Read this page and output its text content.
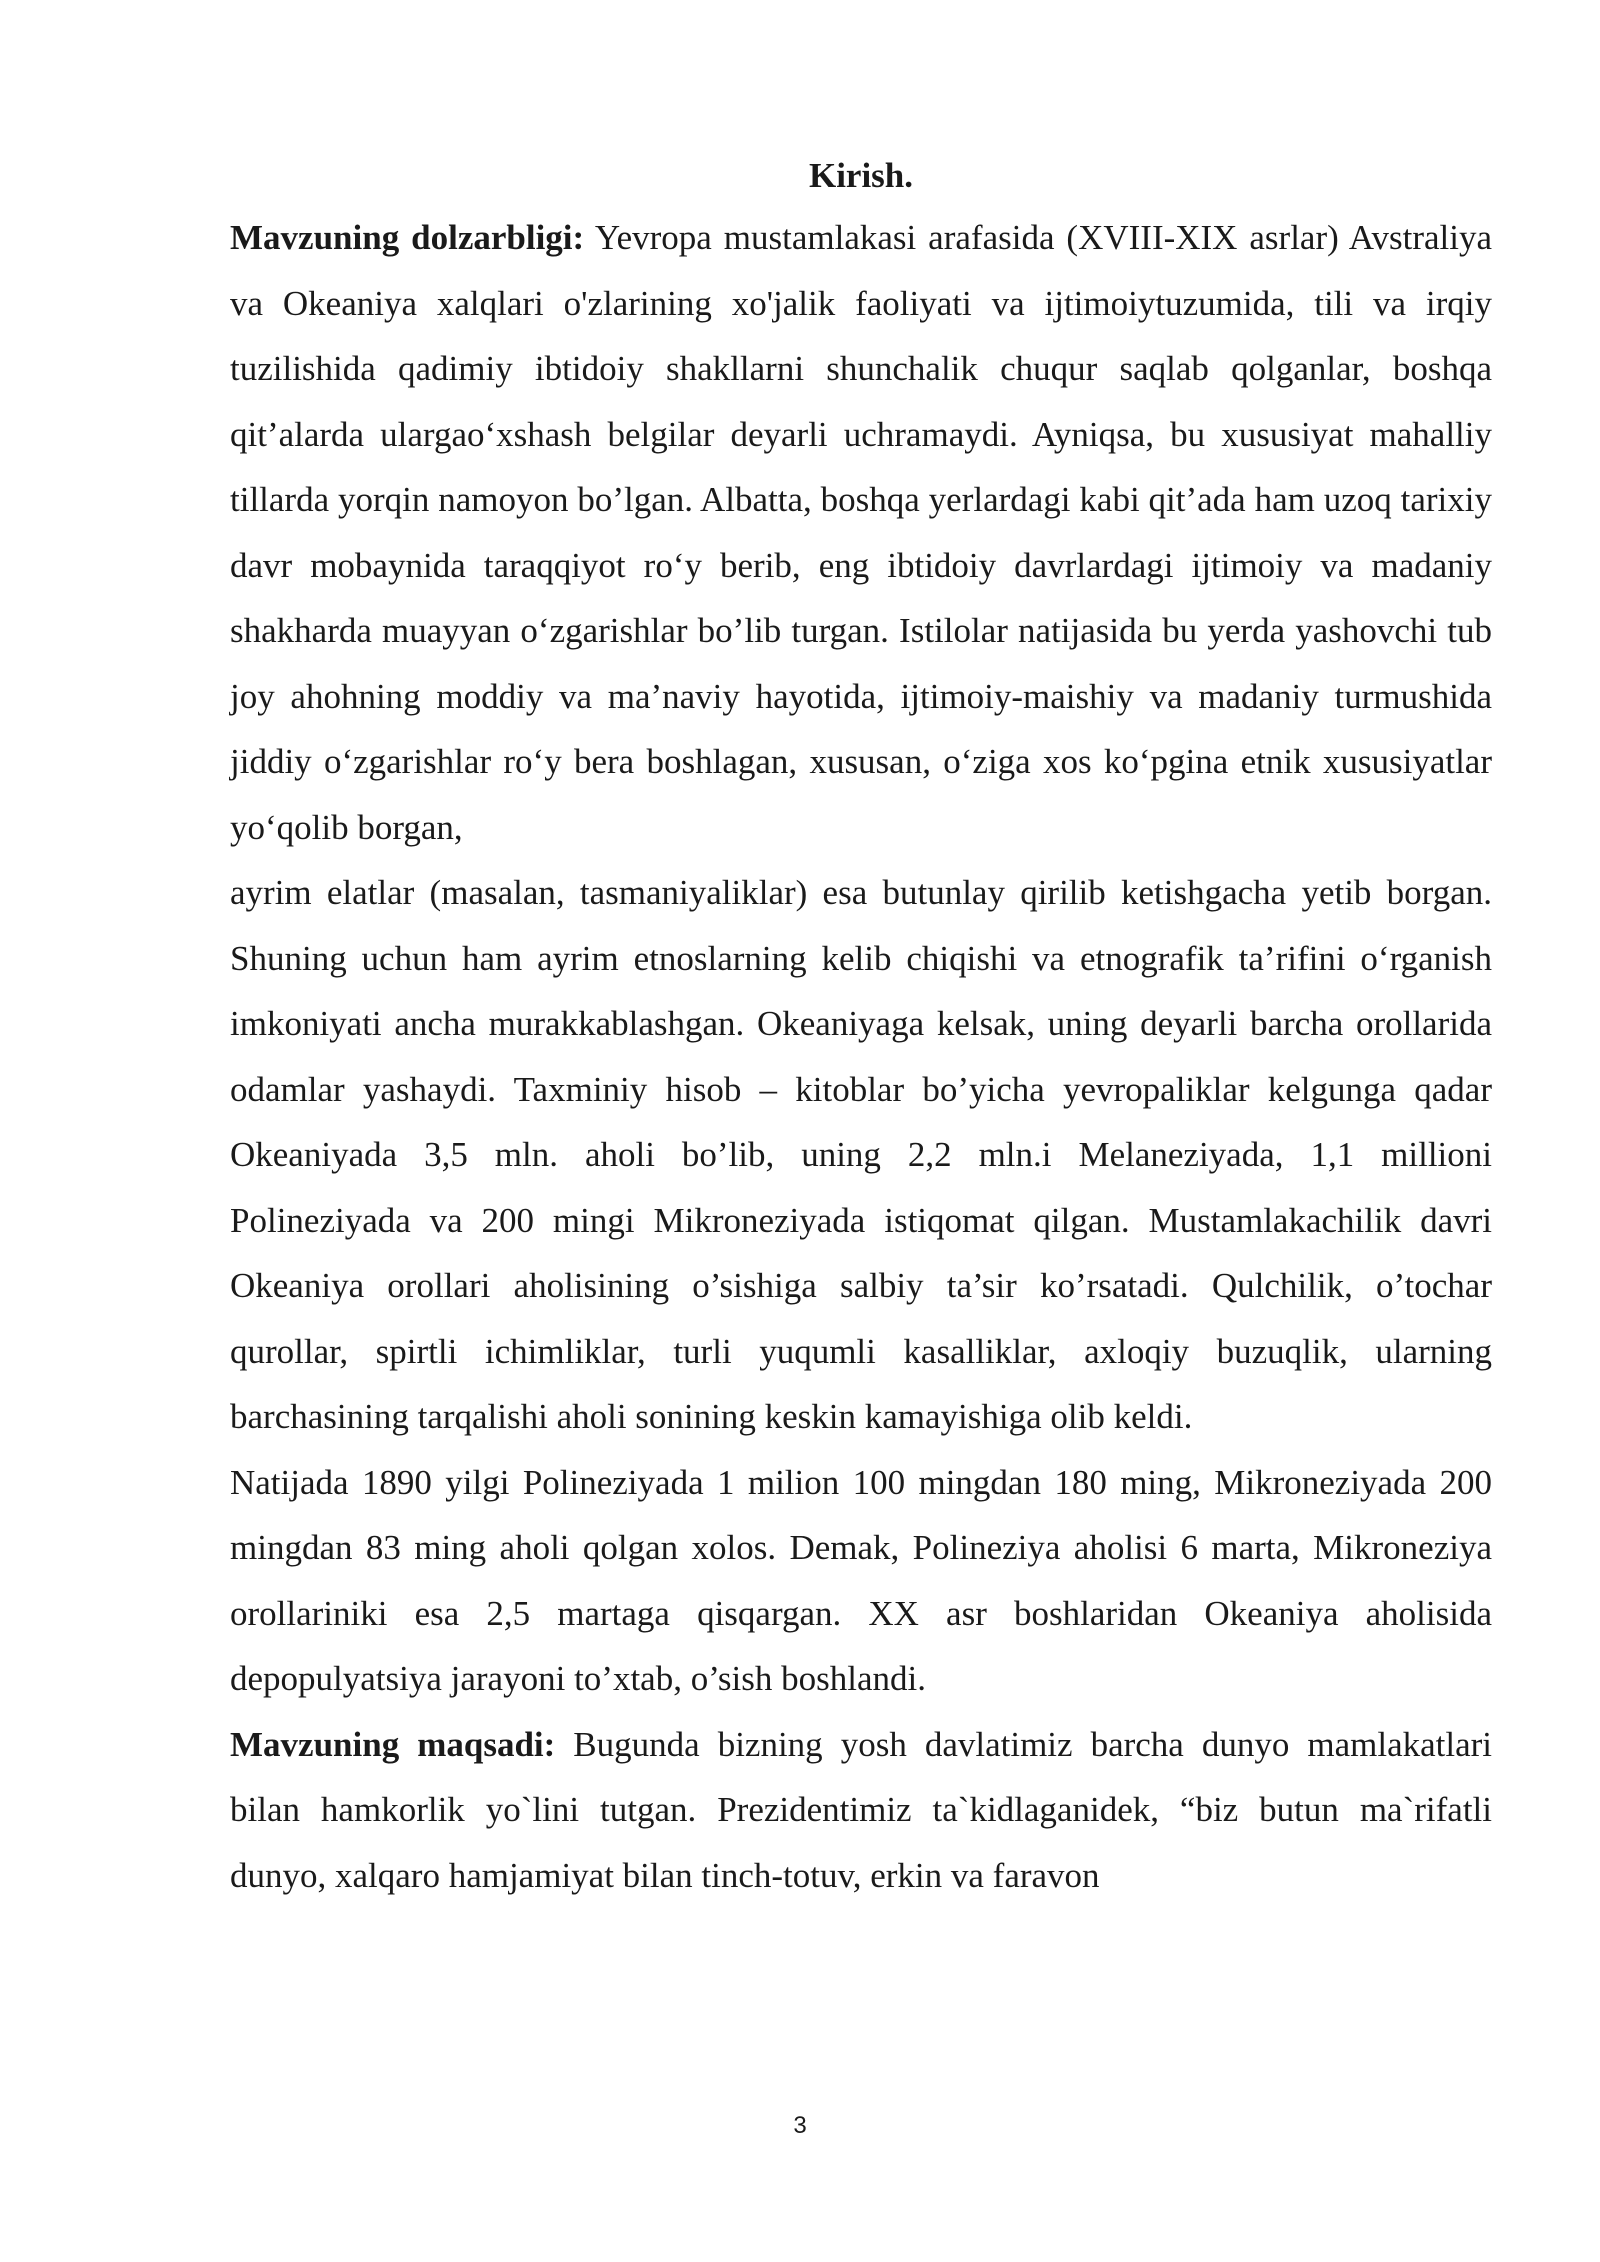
Kirish.

Mavzuning dolzarbligi: Yevropa mustamlakasi arafasida (XVIII-XIX asrlar) Avstraliya va Okeaniya xalqlari o'zlarining xo'jalik faoliyati va ijtimoiytuzumida, tili va irqiy tuzilishida qadimiy ibtidoiy shakllarni shunchalik chuqur saqlab qolganlar, boshqa qit’alarda ulargaoʻxshash belgilar deyarli uchramaydi. Ayniqsa, bu xususiyat mahalliy tillarda yorqin namoyon bo’lgan. Albatta, boshqa yerlardagi kabi qit’ada ham uzoq tarixiy davr mobaynida taraqqiyot roʻy berib, eng ibtidoiy davrlardagi ijtimoiy va madaniy shakharda muayyan oʻzgarishlar bo’lib turgan. Istilolar natijasida bu yerda yashovchi tub joy ahohning moddiy va ma’naviy hayotida, ijtimoiy-maishiy va madaniy turmushida jiddiy oʻzgarishlar roʻy bera boshlagan, xususan, oʻziga xos koʻpgina etnik xususiyatlar yoʻqolib borgan,

ayrim elatlar (masalan, tasmaniyaliklar) esa butunlay qirilib ketishgacha yetib borgan. Shuning uchun ham ayrim etnoslarning kelib chiqishi va etnografik ta’rifini oʻrganish imkoniyati ancha murakkablashgan. Okeaniyaga kelsak, uning deyarli barcha orollarida odamlar yashaydi. Taxminiy hisob – kitoblar bo’yicha yevropaliklar kelgunga qadar Okeaniyada 3,5 mln. aholi bo’lib, uning 2,2 mln.i Melaneziyada, 1,1 millioni Polineziyada va 200 mingi Mikroneziyada istiqomat qilgan. Mustamlakachilik davri Okeaniya orollari aholisining o’sishiga salbiy ta’sir ko’rsatadi. Qulchilik, o’tochar qurollar, spirtli ichimliklar, turli yuqumli kasalliklar, axloqiy buzuqlik, ularning barchasining tarqalishi aholi sonining keskin kamayishiga olib keldi.

Natijada 1890 yilgi Polineziyada 1 milion 100 mingdan 180 ming, Mikroneziyada 200 mingdan 83 ming aholi qolgan xolos. Demak, Polineziya aholisi 6 marta, Mikroneziya orollariniki esa 2,5 martaga qisqargan. XX asr boshlaridan Okeaniya aholisida depopulyatsiya jarayoni to’xtab, o’sish boshlandi.

Mavzuning maqsadi: Bugunda bizning yosh davlatimiz barcha dunyo mamlakatlari bilan hamkorlik yo`lini tutgan. Prezidentimiz ta`kidlaganidek, “biz butun ma`rifatli dunyo, xalqaro hamjamiyat bilan tinch-totuv, erkin va faravon

3
